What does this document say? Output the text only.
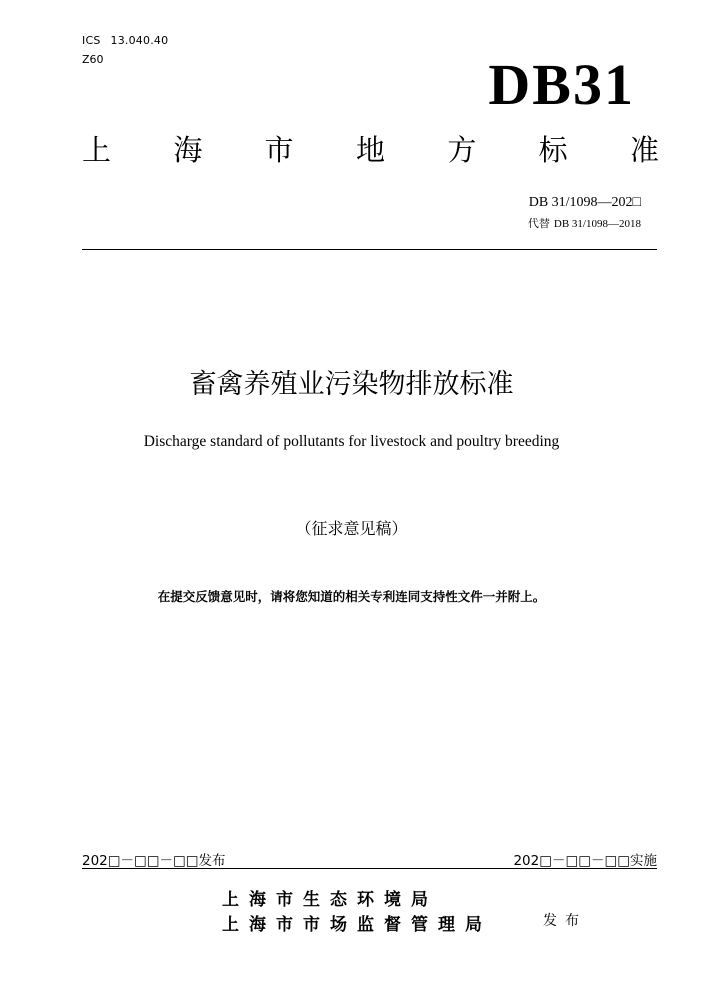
ICS 13.040.40
Z60	DB31
上 海 市 地 方 标 准
DB 31/1098—202□
代替 DB 31/1098—2018
畜禽养殖业污染物排放标准
Discharge standard of pollutants for livestock and poultry breeding
（征求意见稿）
在提交反馈意见时，请将您知道的相关专利连同支持性文件一并附上。
202□－□□－□□发布	202□－□□－□□实施
上海市生态环境局
上海市市场监督管理局	发布
